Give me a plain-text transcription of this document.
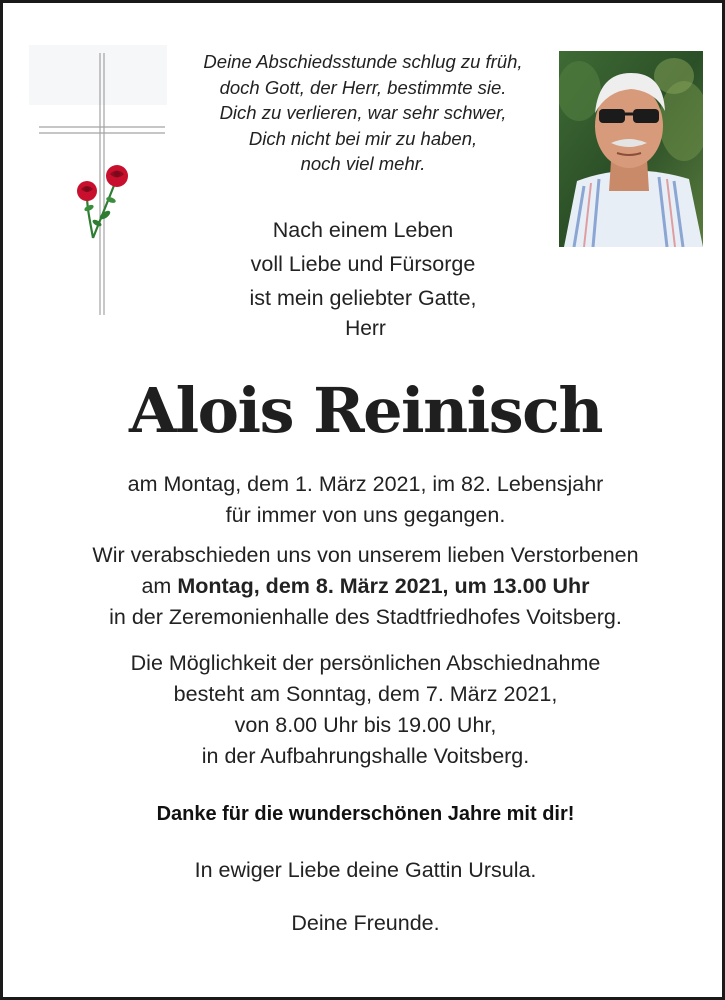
Deine Abschiedsstunde schlug zu früh,
doch Gott, der Herr, bestimmte sie.
Dich zu verlieren, war sehr schwer,
Dich nicht bei mir zu haben,
noch viel mehr.
Nach einem Leben
voll Liebe und Fürsorge
ist mein geliebter Gatte,
Herr
Alois Reinisch
am Montag, dem 1. März 2021, im 82. Lebensjahr
für immer von uns gegangen.
Wir verabschieden uns von unserem lieben Verstorbenen
am Montag, dem 8. März 2021, um 13.00 Uhr
in der Zeremonienhalle des Stadtfriedhofes Voitsberg.
Die Möglichkeit der persönlichen Abschiednahme
besteht am Sonntag, dem 7. März 2021,
von 8.00 Uhr bis 19.00 Uhr,
in der Aufbahrungshalle Voitsberg.
Danke für die wunderschönen Jahre mit dir!
In ewiger Liebe deine Gattin Ursula.
Deine Freunde.
